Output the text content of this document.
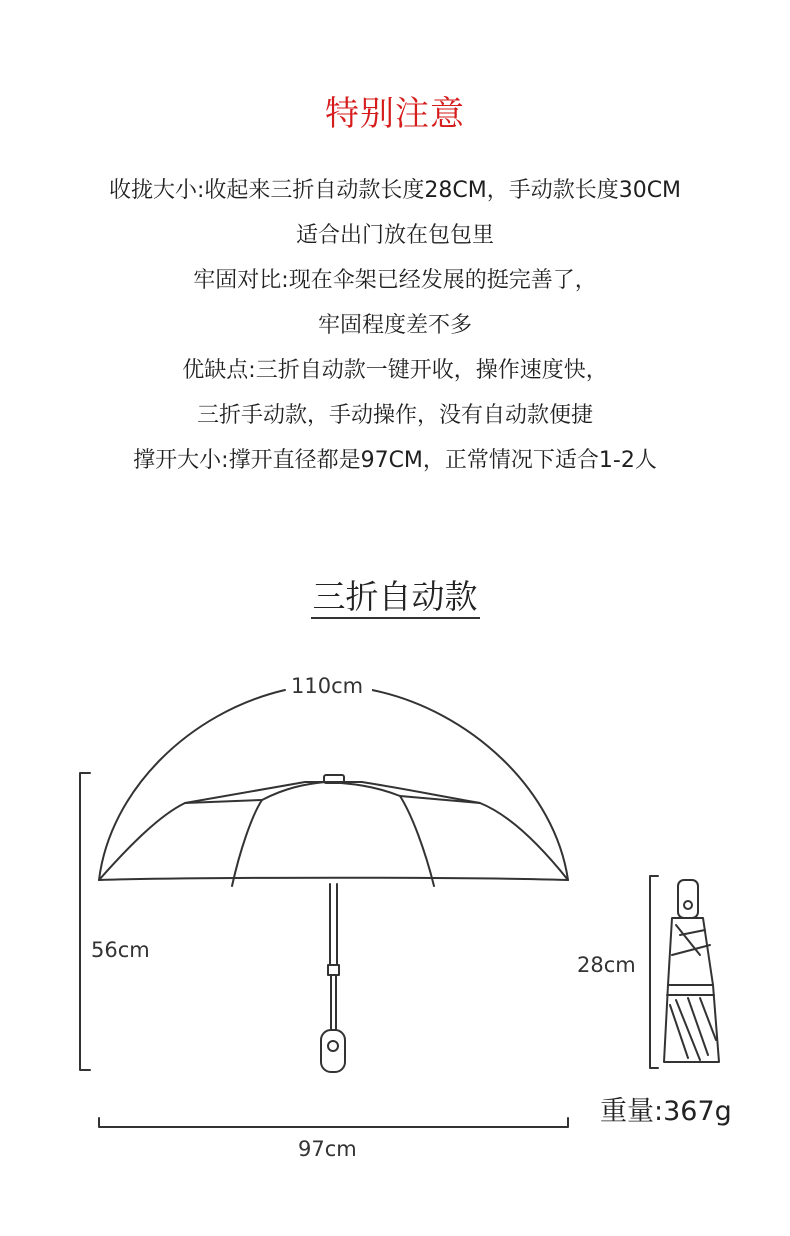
特别注意
收拢大小:收起来三折自动款长度28CM，手动款长度30CM
适合出门放在包包里
牢固对比:现在伞架已经发展的挺完善了，
牢固程度差不多
优缺点:三折自动款一键开收，操作速度快，
三折手动款，手动操作，没有自动款便捷
撑开大小:撑开直径都是97CM，正常情况下适合1-2人
三折自动款
110cm
56cm
97cm
28cm
重量:367g
